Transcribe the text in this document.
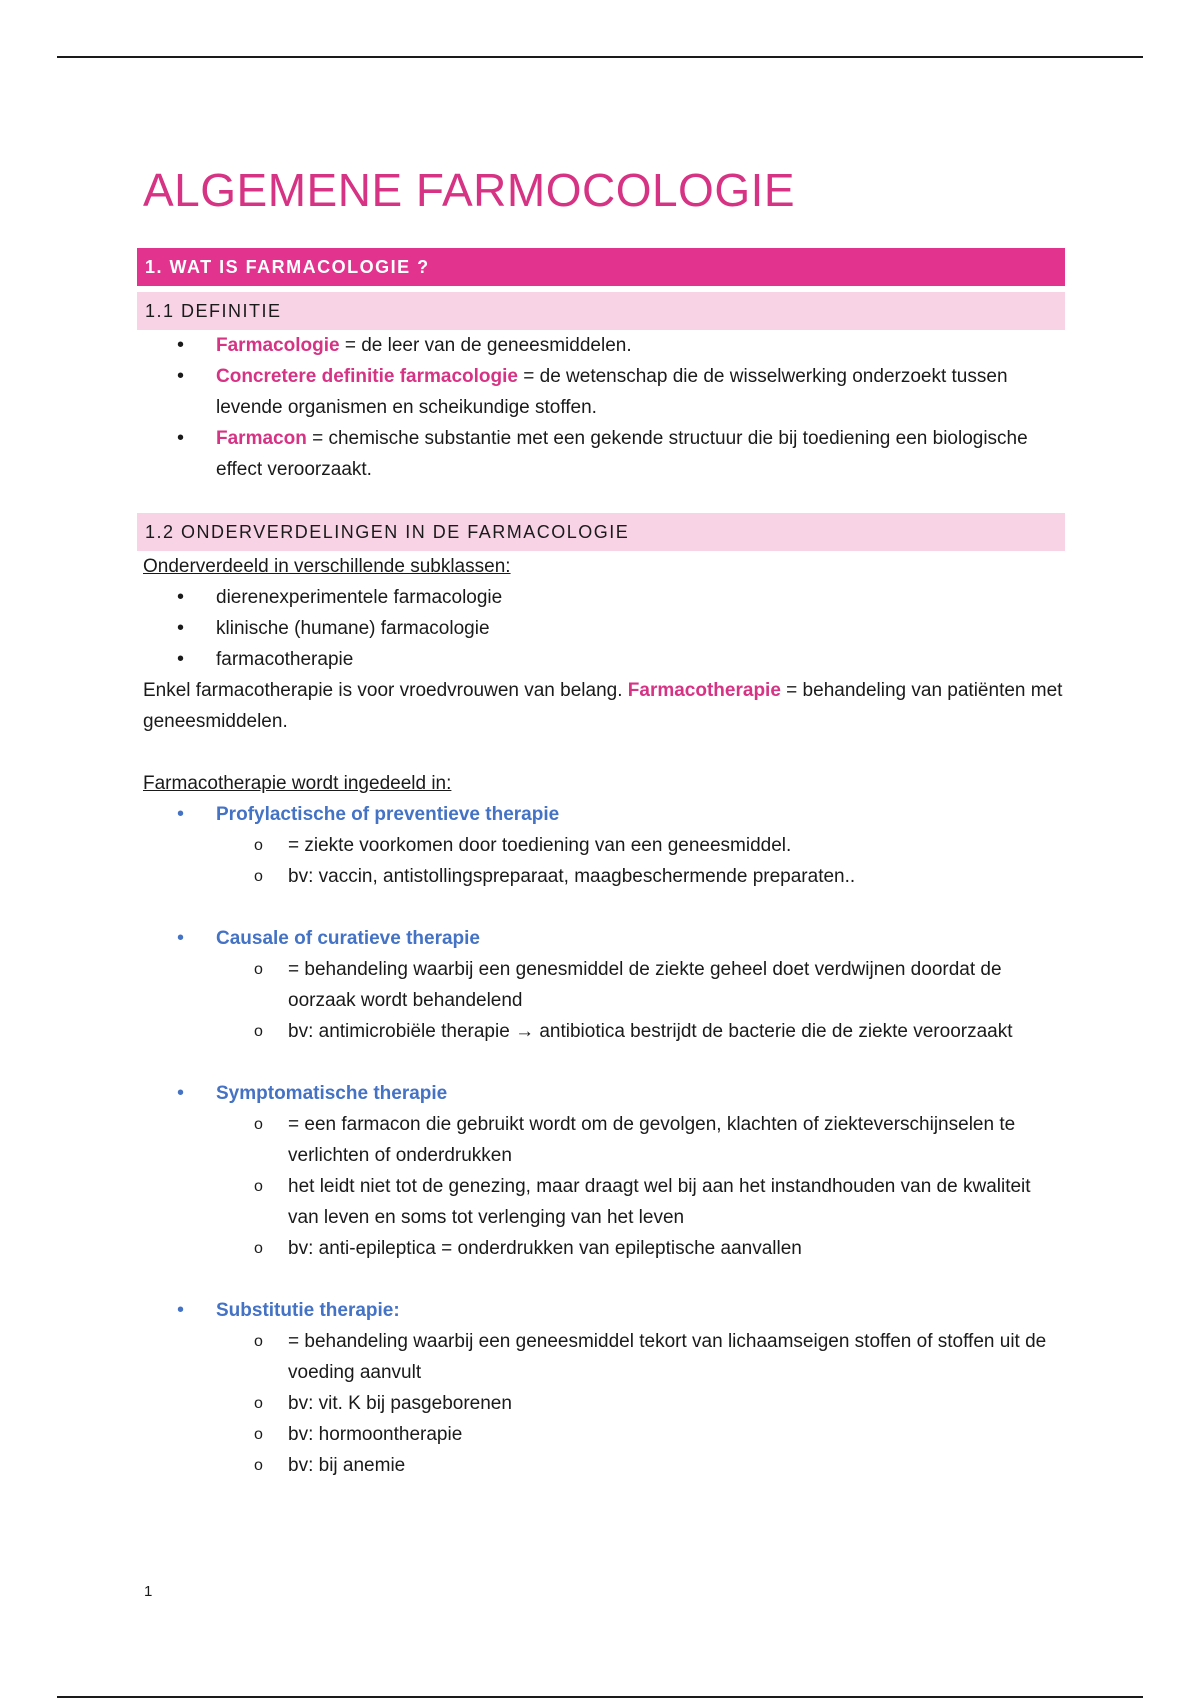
ALGEMENE FARMOCOLOGIE
1. WAT IS FARMACOLOGIE ?
1.1 DEFINITIE
• Farmacologie = de leer van de geneesmiddelen.
• Concretere definitie farmacologie = de wetenschap die de wisselwerking onderzoekt tussen levende organismen en scheikundige stoffen.
• Farmacon = chemische substantie met een gekende structuur die bij toediening een biologische effect veroorzaakt.
1.2 ONDERVERDELINGEN IN DE FARMACOLOGIE
Onderverdeeld in verschillende subklassen:
• dierenexperimentele farmacologie
• klinische (humane) farmacologie
• farmacotherapie
Enkel farmacotherapie is voor vroedvrouwen van belang. Farmacotherapie = behandeling van patiënten met geneesmiddelen.
Farmacotherapie wordt ingedeeld in:
• Profylactische of preventieve therapie
o = ziekte voorkomen door toediening van een geneesmiddel.
o bv: vaccin, antistollingspreparaat, maagbeschermende preparaten..
• Causale of curatieve therapie
o = behandeling waarbij een genesmiddel de ziekte geheel doet verdwijnen doordat de oorzaak wordt behandelend
o bv: antimicrobiële therapie → antibiotica bestrijdt de bacterie die de ziekte veroorzaakt
• Symptomatische therapie
o = een farmacon die gebruikt wordt om de gevolgen, klachten of ziekteverschijnselen te verlichten of onderdrukken
o het leidt niet tot de genezing, maar draagt wel bij aan het instandhouden van de kwaliteit van leven en soms tot verlenging van het leven
o bv: anti-epileptica = onderdrukken van epileptische aanvallen
• Substitutie therapie:
o = behandeling waarbij een geneesmiddel tekort van lichaamseigen stoffen of stoffen uit de voeding aanvult
o bv: vit. K bij pasgeborenen
o bv: hormoontherapie
o bv: bij anemie
1
